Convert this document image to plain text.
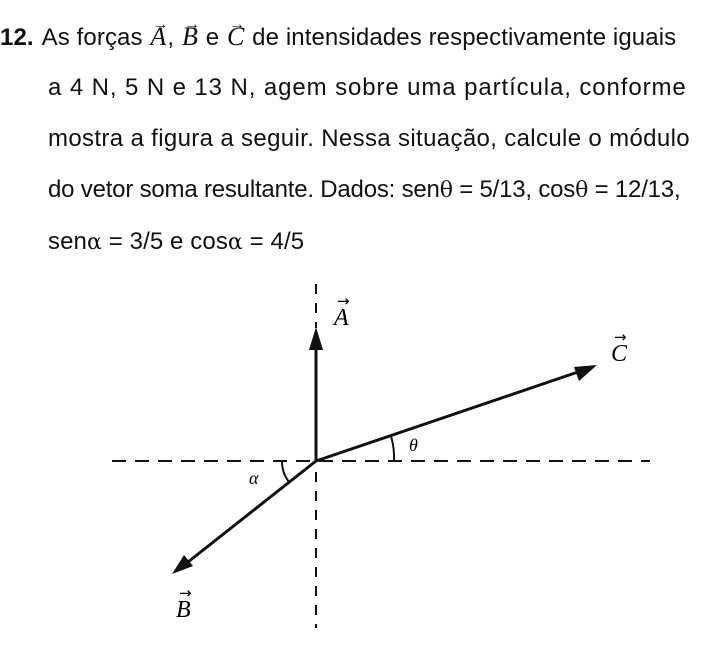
12. As forças → A, → B e → C de intensidades respectivamente iguais
a 4 N, 5 N e 13 N, agem sobre uma partícula, conforme
mostra a figura a seguir. Nessa situação, calcule o módulo
do vetor soma resultante. Dados: senθ = 5/13, cosθ = 12/13,
senα = 3/5 e cosα = 4/5
A
→
C
→
B
→
θ
α
